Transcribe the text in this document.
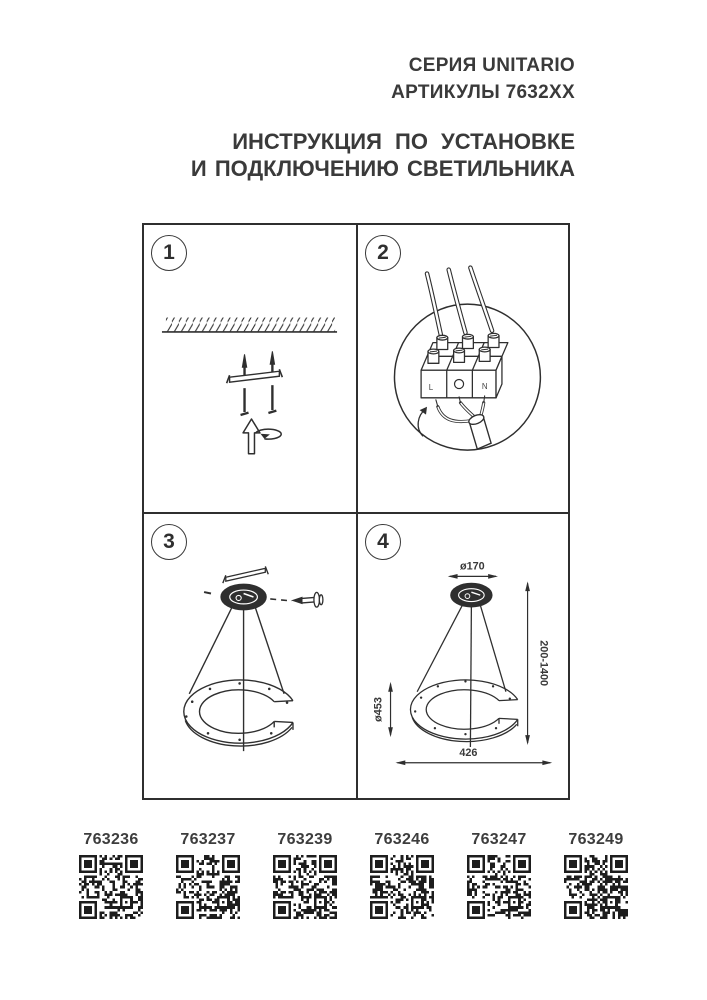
СЕРИЯ UNITARIO
АРТИКУЛЫ 7632XX
ИНСТРУКЦИЯ ПО УСТАНОВКЕ
И ПОДКЛЮЧЕНИЮ СВЕТИЛЬНИКА
1	2
L	N
3	4
ø170
200-1400
ø453
426
763236	763237	763239	763246	763247	763249
